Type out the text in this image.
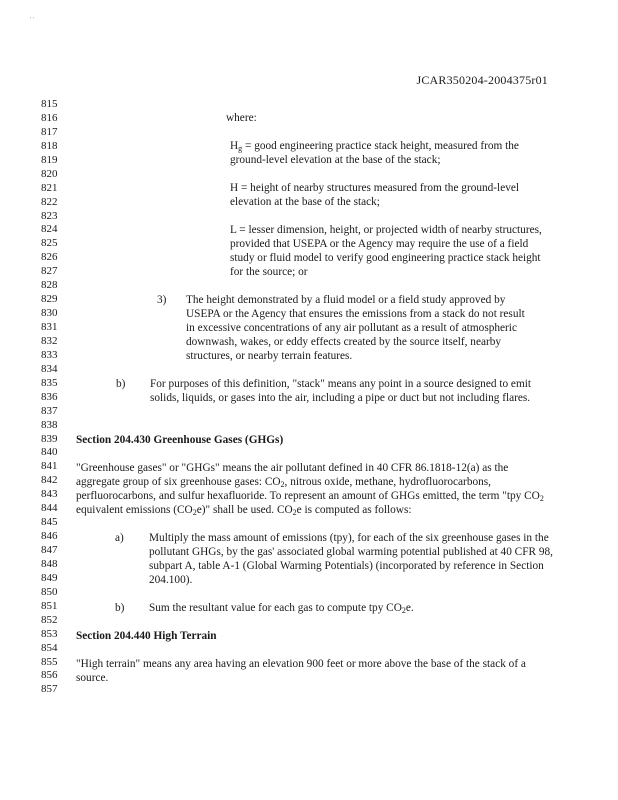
' '
JCAR350204-2004375r01
815
816
817
818
819
820
821
822
823
824
825
826
827
828
829
830
831
832
833
834
835
836
837
838
839
840
841
842
843
844
845
846
847
848
849
850
851
852
853
854
855
856
857
where:
$H_g$ = good engineering practice stack height, measured from the ground-level elevation at the base of the stack;
H = height of nearby structures measured from the ground-level elevation at the base of the stack;
L = lesser dimension, height, or projected width of nearby structures, provided that USEPA or the Agency may require the use of a field study or fluid model to verify good engineering practice stack height for the source; or
3) The height demonstrated by a fluid model or a field study approved by USEPA or the Agency that ensures the emissions from a stack do not result in excessive concentrations of any air pollutant as a result of atmospheric downwash, wakes, or eddy effects created by the source itself, nearby structures, or nearby terrain features.
b) For purposes of this definition, "stack" means any point in a source designed to emit solids, liquids, or gases into the air, including a pipe or duct but not including flares.
Section 204.430 Greenhouse Gases (GHGs)
"Greenhouse gases" or "GHGs" means the air pollutant defined in 40 CFR 86.1818-12(a) as the aggregate group of six greenhouse gases: $CO_2$, nitrous oxide, methane, hydrofluorocarbons, perfluorocarbons, and sulfur hexafluoride. To represent an amount of GHGs emitted, the term "tpy $CO_2$ equivalent emissions $(CO_2e)$" shall be used. $CO_2e$ is computed as follows:
a) Multiply the mass amount of emissions (tpy), for each of the six greenhouse gases in the pollutant GHGs, by the gas' associated global warming potential published at 40 CFR 98, subpart A, table A-1 (Global Warming Potentials) (incorporated by reference in Section 204.100).
b) Sum the resultant value for each gas to compute tpy $CO_2e$.
Section 204.440 High Terrain
"High terrain" means any area having an elevation 900 feet or more above the base of the stack of a source.
